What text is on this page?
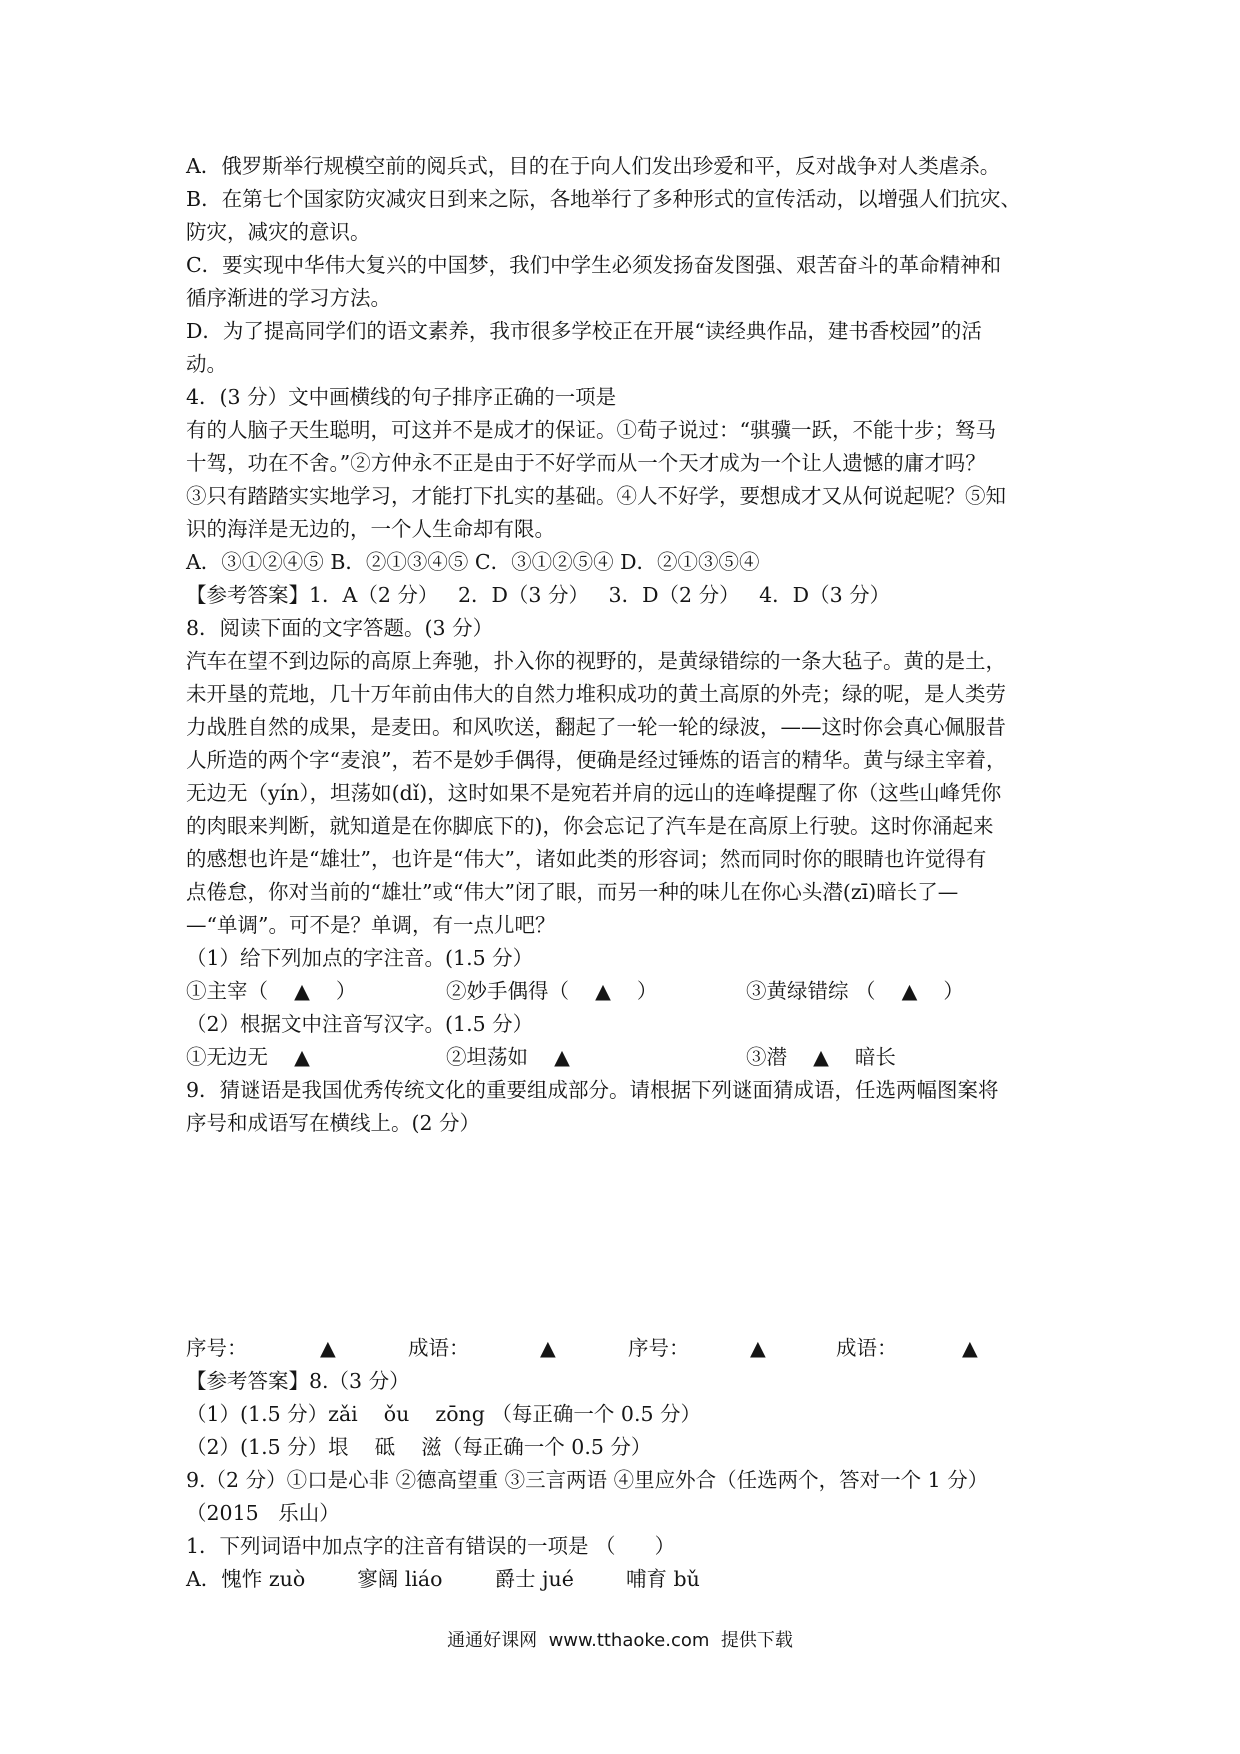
A．俄罗斯举行规模空前的阅兵式，目的在于向人们发出珍爱和平，反对战争对人类虐杀。

B．在第七个国家防灾减灾日到来之际，各地举行了多种形式的宣传活动，以增强人们抗灾、

防灾，减灾的意识。

C．要实现中华伟大复兴的中国梦，我们中学生必须发扬奋发图强、艰苦奋斗的革命精神和

循序渐进的学习方法。

D．为了提高同学们的语文素养，我市很多学校正在开展“读经典作品，建书香校园”的活

动。

4．(3 分）文中画横线的句子排序正确的一项是

有的人脑子天生聪明，可这并不是成才的保证。①荀子说过：“骐骥一跃，不能十步；驽马

十驾，功在不舍。”②方仲永不正是由于不好学而从一个天才成为一个让人遗憾的庸才吗？

③只有踏踏实实地学习，才能打下扎实的基础。④人不好学，要想成才又从何说起呢？⑤知

识的海洋是无边的，一个人生命却有限。

A．③①②④⑤ B．②①③④⑤ C．③①②⑤④ D．②①③⑤④

【参考答案】1．A（2 分）   2．D（3 分）   3．D（2 分）   4．D（3 分）

8．阅读下面的文字答题。(3 分）

汽车在望不到边际的高原上奔驰，扑入你的视野的，是黄绿错综的一条大毡子。黄的是土，

未开垦的荒地，几十万年前由伟大的自然力堆积成功的黄土高原的外壳；绿的呢，是人类劳

力战胜自然的成果，是麦田。和风吹送，翻起了一轮一轮的绿波，——这时你会真心佩服昔

人所造的两个字“麦浪”，若不是妙手偶得，便确是经过锤炼的语言的精华。黄与绿主宰着，

无边无（yín），坦荡如(dǐ)，这时如果不是宛若并肩的远山的连峰提醒了你（这些山峰凭你

的肉眼来判断，就知道是在你脚底下的)，你会忘记了汽车是在高原上行驶。这时你涌起来

的感想也许是“雄壮”，也许是“伟大”，诸如此类的形容词；然而同时你的眼睛也许觉得有

点倦怠，你对当前的“雄壮”或“伟大”闭了眼，而另一种的味儿在你心头潜(zī)暗长了—

—“单调”。可不是？单调，有一点儿吧？

（1）给下列加点的字注音。(1.5 分）

①主宰（    ▲    ）	②妙手偶得（    ▲    ）	③黄绿错综 （    ▲    ）

（2）根据文中注音写汉字。(1.5 分）

①无边无    ▲	②坦荡如    ▲	③潜    ▲    暗长

9．猜谜语是我国优秀传统文化的重要组成部分。请根据下列谜面猜成语，任选两幅图案将

序号和成语写在横线上。(2 分）

序号：	▲	成语：	▲	序号：	▲	成语：	▲

【参考答案】8.（3 分）

（1）(1.5 分）zǎi    ǒu    zōng （每正确一个 0.5 分）

（2）(1.5 分）垠    砥    滋（每正确一个 0.5 分）

9.（2 分）①口是心非 ②德高望重 ③三言两语 ④里应外合（任选两个，答对一个 1 分）

（2015   乐山）

1．下列词语中加点字的注音有错误的一项是 （      ）

A．愧怍 zuò        寥阔 liáo        爵士 jué        哺育 bǔ

通通好课网  www.tthaoke.com  提供下载
